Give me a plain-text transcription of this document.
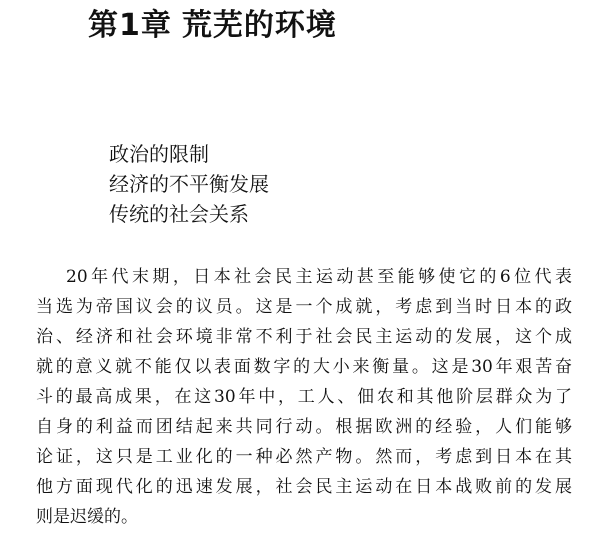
第1章 荒芜的环境
政治的限制
经济的不平衡发展
传统的社会关系
20年代末期，日本社会民主运动甚至能够使它的6位代表
当选为帝国议会的议员。这是一个成就，考虑到当时日本的政
治、经济和社会环境非常不利于社会民主运动的发展，这个成
就的意义就不能仅以表面数字的大小来衡量。这是30年艰苦奋
斗的最高成果，在这30年中，工人、佃农和其他阶层群众为了
自身的利益而团结起来共同行动。根据欧洲的经验，人们能够
论证，这只是工业化的一种必然产物。然而，考虑到日本在其
他方面现代化的迅速发展，社会民主运动在日本战败前的发展
则是迟缓的。
